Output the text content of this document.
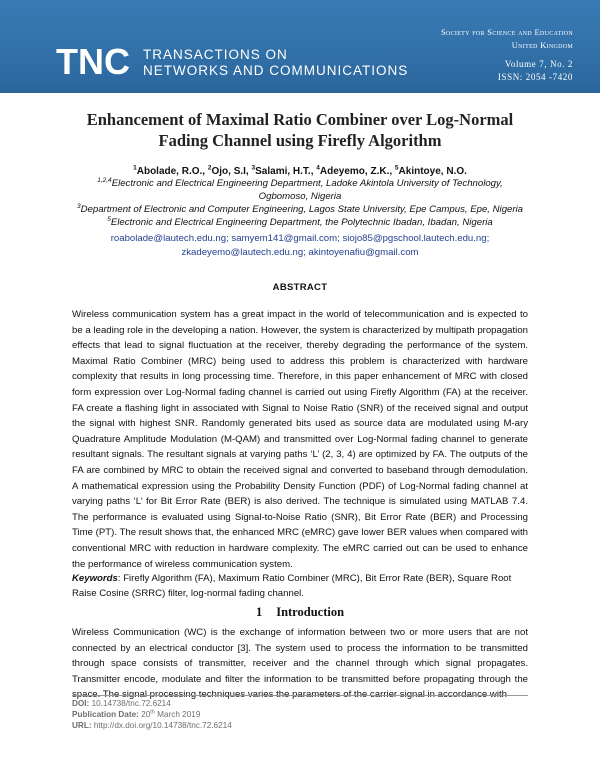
TNC TRANSACTIONS ON
NETWORKS AND COMMUNICATIONS
Society for Science and Education
United Kingdom
Volume 7, No. 2
ISSN: 2054 -7420
Enhancement of Maximal Ratio Combiner over Log-Normal Fading Channel using Firefly Algorithm
$^1$Abolade, R.O., $^2$Ojo, S.I, $^3$Salami, H.T., $^4$Adeyemo, Z.K., $^5$Akintoye, N.O.
$^{1,2,4}$Electronic and Electrical Engineering Department, Ladoke Akintola University of Technology,
Ogbomoso, Nigeria
$^3$Department of Electronic and Computer Engineering, Lagos State University, Epe Campus, Epe, Nigeria
$^5$Electronic and Electrical Engineering Department, the Polytechnic Ibadan, Ibadan, Nigeria
roabolade@lautech.edu.ng; samyem141@gmail.com; siojo85@pgschool.lautech.edu.ng;
zkadeyemo@lautech.edu.ng; akintoyenafiu@gmail.com
ABSTRACT
Wireless communication system has a great impact in the world of telecommunication and is expected to be a leading role in the developing a nation. However, the system is characterized by multipath propagation effects that lead to signal fluctuation at the receiver, thereby degrading the performance of the system. Maximal Ratio Combiner (MRC) being used to address this problem is characterized with hardware complexity that results in long processing time. Therefore, in this paper enhancement of MRC with closed form expression over Log-Normal fading channel is carried out using Firefly Algorithm (FA) at the receiver. FA create a flashing light in associated with Signal to Noise Ratio (SNR) of the received signal and output the signal with highest SNR. Randomly generated bits used as source data are modulated using M-ary Quadrature Amplitude Modulation (M-QAM) and transmitted over Log-Normal fading channel to generate resultant signals. The resultant signals at varying paths ‘L’ (2, 3, 4) are optimized by FA. The outputs of the FA are combined by MRC to obtain the received signal and converted to baseband through demodulation. A mathematical expression using the Probability Density Function (PDF) of Log-Normal fading channel at varying paths ‘L’ for Bit Error Rate (BER) is also derived. The technique is simulated using MATLAB 7.4. The performance is evaluated using Signal-to-Noise Ratio (SNR), Bit Error Rate (BER) and Processing Time (PT). The result shows that, the enhanced MRC (eMRC) gave lower BER values when compared with conventional MRC with reduction in hardware complexity. The eMRC carried out can be used to enhance the performance of wireless communication system.
Keywords: Firefly Algorithm (FA), Maximum Ratio Combiner (MRC), Bit Error Rate (BER), Square Root Raise Cosine (SRRC) filter, log-normal fading channel.
1 Introduction
Wireless Communication (WC) is the exchange of information between two or more users that are not connected by an electrical conductor [3]. The system used to process the information to be transmitted through space consists of transmitter, receiver and the channel through which signal propagates. Transmitter encode, modulate and filter the information to be transmitted before propagating through the space. The signal processing techniques varies the parameters of the carrier signal in accordance with
DOI: 10.14738/tnc.72.6214
Publication Date: 20th March 2019
URL: http://dx.doi.org/10.14738/tnc.72.6214
